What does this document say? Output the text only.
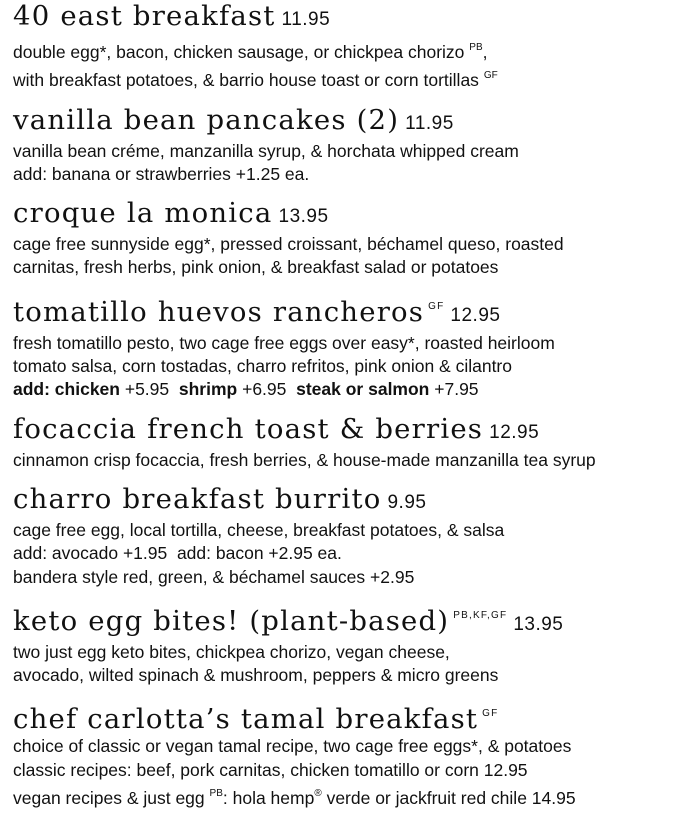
40 east breakfast 11.95
double egg*, bacon, chicken sausage, or chickpea chorizo $^{PB}$,
with breakfast potatoes, & barrio house toast or corn tortillas $^{GF}$
vanilla bean pancakes (2) 11.95
vanilla bean créme, manzanilla syrup, & horchata whipped cream
add: banana or strawberries +1.25 ea.
croque la monica 13.95
cage free sunnyside egg*, pressed croissant, béchamel queso, roasted
carnitas, fresh herbs, pink onion, & breakfast salad or potatoes
tomatillo huevos rancheros $^{GF}$ 12.95
fresh tomatillo pesto, two cage free eggs over easy*, roasted heirloom
tomato salsa, corn tostadas, charro refritos, pink onion & cilantro
add: chicken +5.95 shrimp +6.95 steak or salmon +7.95
focaccia french toast & berries 12.95
cinnamon crisp focaccia, fresh berries, & house-made manzanilla tea syrup
charro breakfast burrito 9.95
cage free egg, local tortilla, cheese, breakfast potatoes, & salsa
add: avocado +1.95  add: bacon +2.95 ea.
bandera style red, green, & béchamel sauces +2.95
keto egg bites! (plant-based) $^{PB,KF,GF}$ 13.95
two just egg keto bites, chickpea chorizo, vegan cheese,
avocado, wilted spinach & mushroom, peppers & micro greens
chef carlotta’s tamal breakfast $^{GF}$
choice of classic or vegan tamal recipe, two cage free eggs*, & potatoes
classic recipes: beef, pork carnitas, chicken tomatillo or corn 12.95
vegan recipes & just egg $^{PB}$: hola hemp® verde or jackfruit red chile 14.95
